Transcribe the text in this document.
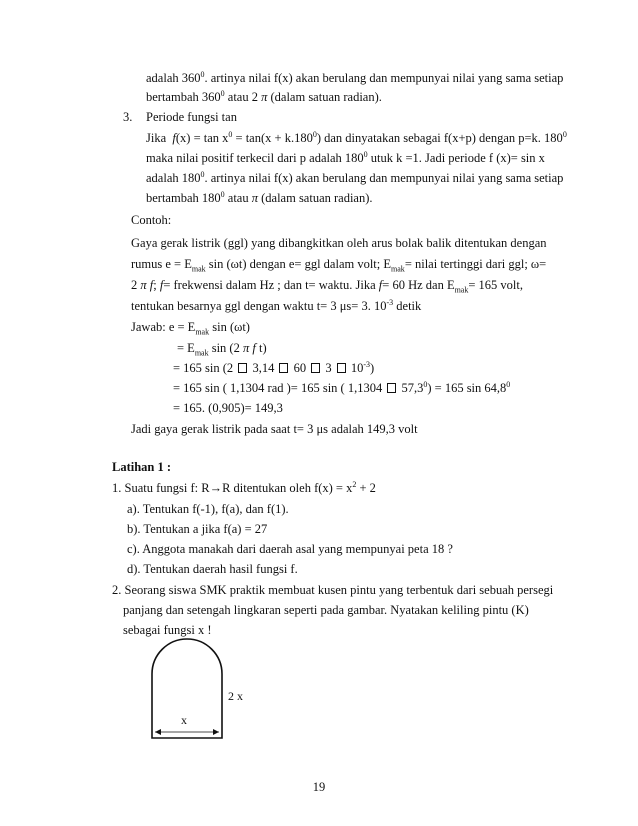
adalah $360^0$. artinya nilai f(x) akan berulang dan mempunyai nilai yang sama setiap
bertambah $360^0$ atau 2 π (dalam satuan radian).
3. Periode fungsi tan
Jika $f(x) = \tan x^0 = \tan(x + k.180^0)$ dan dinyatakan sebagai f(x+p) dengan p=k. $180^0$
maka nilai positif terkecil dari p adalah $180^0$ utuk k =1. Jadi periode f (x)= sin x
adalah $180^0$. artinya nilai f(x) akan berulang dan mempunyai nilai yang sama setiap
bertambah $180^0$ atau π (dalam satuan radian).
Contoh:
Gaya gerak listrik (ggl) yang dibangkitkan oleh arus bolak balik ditentukan dengan
rumus $e = E_{mak}$ sin (ωt) dengan e= ggl dalam volt; $E_{mak}=$ nilai tertinggi dari ggl; ω=
2 π f; f= frekwensi dalam Hz ; dan t= waktu. Jika f= 60 Hz dan $E_{mak}= 165$ volt,
tentukan besarnya ggl dengan waktu t= 3 μs= 3. $10^{-3}$ detik
Jawab: $e = E_{mak}$ sin (ωt)
= $E_{mak}$ sin (2 π f t)
= 165 sin (2  3,14  60  3  $10^{-3}$)
= 165 sin ( 1,1304 rad )= 165 sin ( 1,1304  $57,3^0) = 165$ $\sin 64,8^0$
= 165. (0,905)= 149,3
Jadi gaya gerak listrik pada saat t= 3 μs adalah 149,3 volt
Latihan 1 :
1. Suatu fungsi f: R→R ditentukan oleh $f(x) = x^2 + 2$
a). Tentukan f(-1), f(a), dan f(1).
b). Tentukan a jika f(a) = 27
c). Anggota manakah dari daerah asal yang mempunyai peta 18 ?
d). Tentukan daerah hasil fungsi f.
2. Seorang siswa SMK praktik membuat kusen pintu yang terbentuk dari sebuah persegi
panjang dan setengah lingkaran seperti pada gambar. Nyatakan keliling pintu (K)
sebagai fungsi x !
x
2 x
19
